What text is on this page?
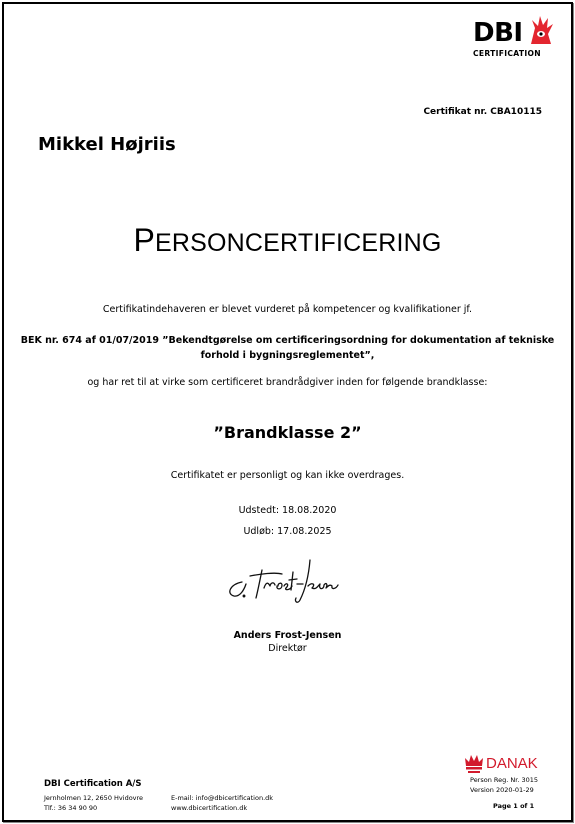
DBI
CERTIFICATION
Certifikat nr. CBA10115
Mikkel Højriis
PERSONCERTIFICERING
Certifikatindehaveren er blevet vurderet på kompetencer og kvalifikationer jf.
BEK nr. 674 af 01/07/2019 ”Bekendtgørelse om certificeringsordning for dokumentation af tekniske
forhold i bygningsreglementet”,
og har ret til at virke som certificeret brandrådgiver inden for følgende brandklasse:
”Brandklasse 2”
Certifikatet er personligt og kan ikke overdrages.
Udstedt: 18.08.2020
Udløb: 17.08.2025
Anders Frost-Jensen
Direktør
DANAK
Person Reg. Nr. 3015
Version 2020-01-29
DBI Certification A/S
Jernholmen 12, 2650 Hvidovre
Tlf.: 36 34 90 90
E-mail: info@dbicertification.dk
www.dbicertification.dk	Page 1 of 1
